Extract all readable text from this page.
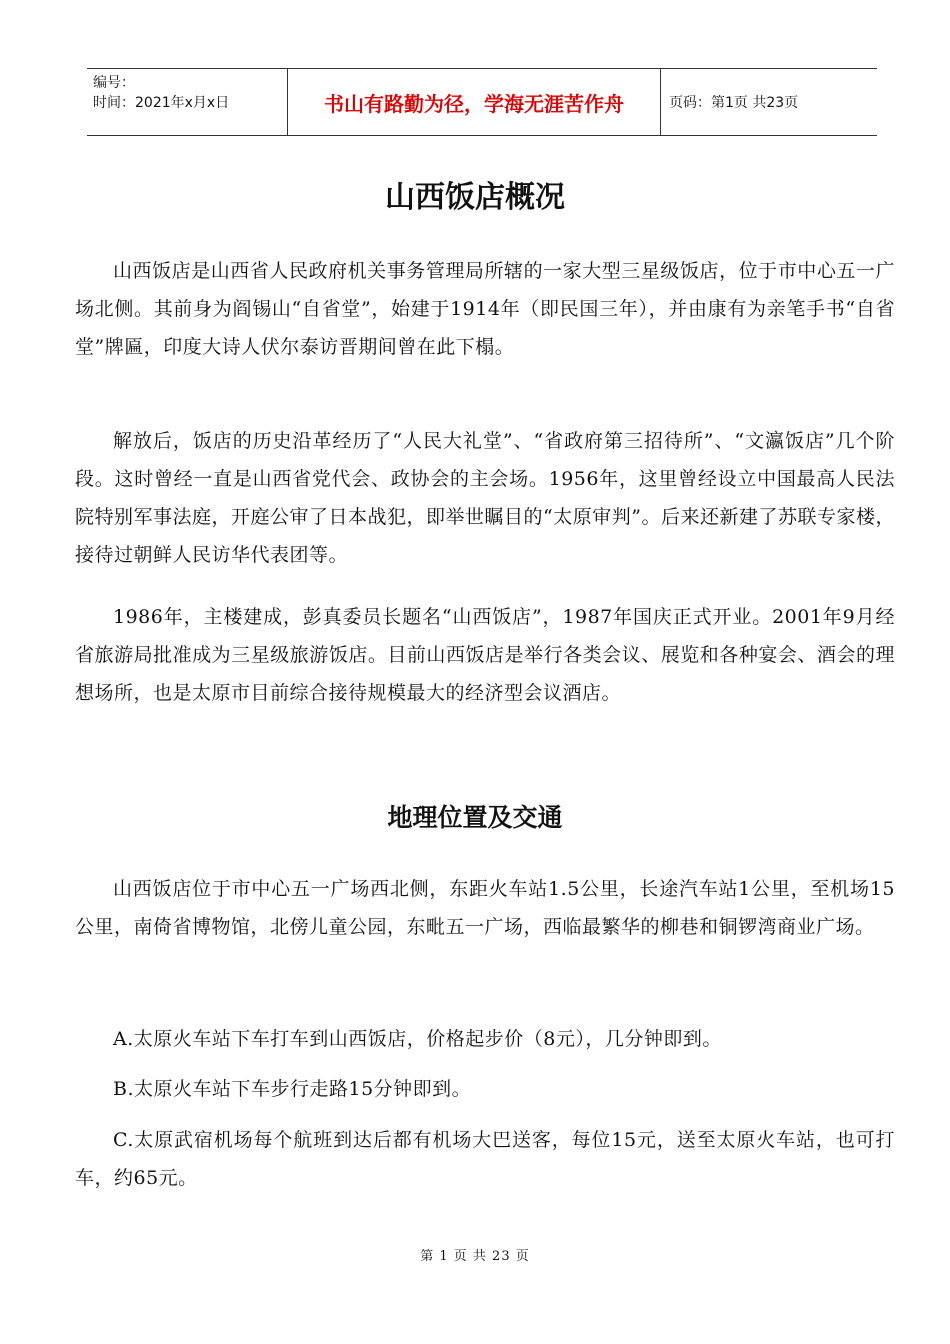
编号：
时间：2021年x月x日	书山有路勤为径，学海无涯苦作舟	页码：第1页 共23页
山西饭店概况

山西饭店是山西省人民政府机关事务管理局所辖的一家大型三星级饭店，位于市中心五一广场北侧。其前身为阎锡山“自省堂”，始建于1914年（即民国三年），并由康有为亲笔手书“自省堂”牌匾，印度大诗人伏尔泰访晋期间曾在此下榻。

解放后，饭店的历史沿革经历了“人民大礼堂”、“省政府第三招待所”、“文瀛饭店”几个阶段。这时曾经一直是山西省党代会、政协会的主会场。1956年，这里曾经设立中国最高人民法院特别军事法庭，开庭公审了日本战犯，即举世瞩目的“太原审判”。后来还新建了苏联专家楼，接待过朝鲜人民访华代表团等。

1986年，主楼建成，彭真委员长题名“山西饭店”，1987年国庆正式开业。2001年9月经省旅游局批准成为三星级旅游饭店。目前山西饭店是举行各类会议、展览和各种宴会、酒会的理想场所，也是太原市目前综合接待规模最大的经济型会议酒店。

地理位置及交通

山西饭店位于市中心五一广场西北侧，东距火车站1.5公里，长途汽车站1公里，至机场15公里，南倚省博物馆，北傍儿童公园，东毗五一广场，西临最繁华的柳巷和铜锣湾商业广场。

A.太原火车站下车打车到山西饭店，价格起步价（8元），几分钟即到。

B.太原火车站下车步行走路15分钟即到。

C.太原武宿机场每个航班到达后都有机场大巴送客，每位15元，送至太原火车站，也可打车，约65元。

第 1 页 共 23 页
